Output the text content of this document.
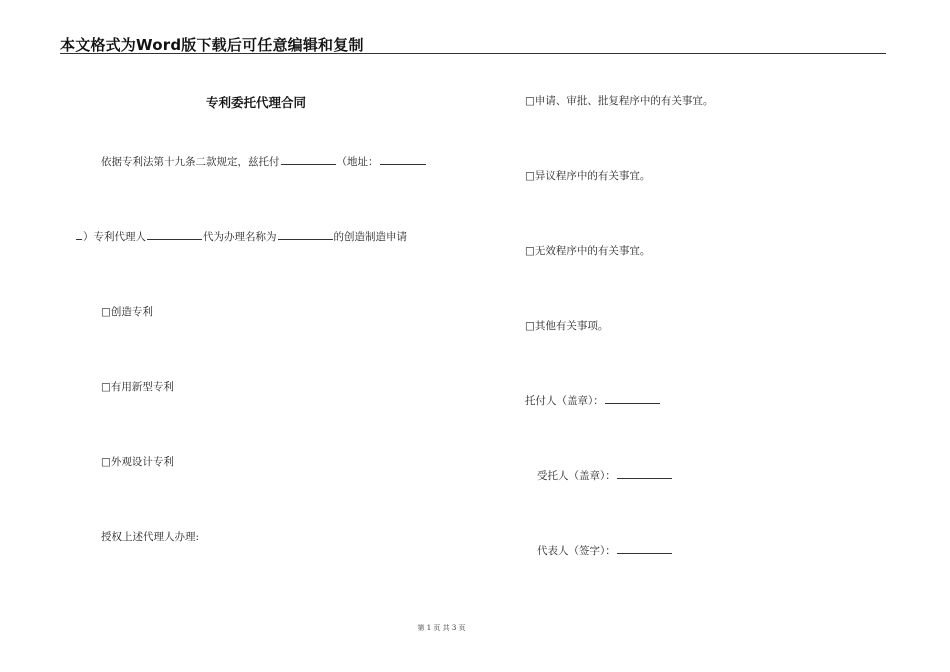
本文格式为Word版下载后可任意编辑和复制
专利委托代理合同
依据专利法第十九条二款规定，兹托付	（地址：
）专利代理人	代为办理名称为	的创造制造申请
□创造专利
□有用新型专利
□外观设计专利
授权上述代理人办理:
□申请、审批、批复程序中的有关事宜。
□异议程序中的有关事宜。
□无效程序中的有关事宜。
□其他有关事项。
托付人（盖章）：
受托人（盖章）：
代表人（签字）：
第 1 页 共 3 页
